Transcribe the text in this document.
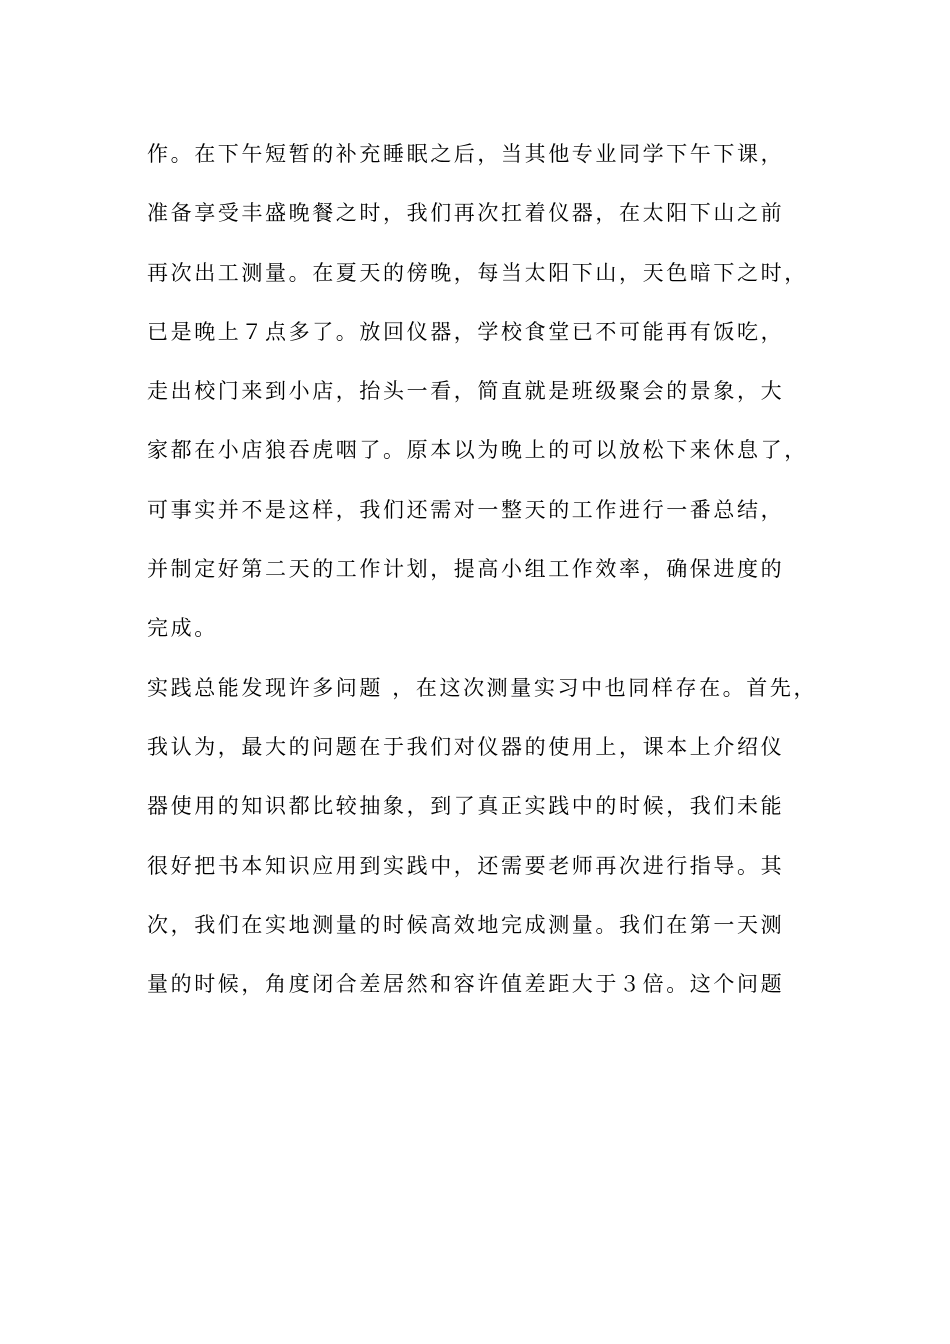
作。在下午短暂的补充睡眠之后，当其他专业同学下午下课，
准备享受丰盛晚餐之时，我们再次扛着仪器，在太阳下山之前
再次出工测量。在夏天的傍晚，每当太阳下山，天色暗下之时，
已是晚上７点多了。放回仪器，学校食堂已不可能再有饭吃，
走出校门来到小店，抬头一看，简直就是班级聚会的景象，大
家都在小店狼吞虎咽了。原本以为晚上的可以放松下来休息了，
可事实并不是这样，我们还需对一整天的工作进行一番总结，
并制定好第二天的工作计划，提高小组工作效率，确保进度的
完成。
实践总能发现许多问题 ，在这次测量实习中也同样存在。首先，
我认为，最大的问题在于我们对仪器的使用上，课本上介绍仪
器使用的知识都比较抽象，到了真正实践中的时候，我们未能
很好把书本知识应用到实践中，还需要老师再次进行指导。其
次，我们在实地测量的时候高效地完成测量。我们在第一天测
量的时候，角度闭合差居然和容许值差距大于３倍。这个问题
